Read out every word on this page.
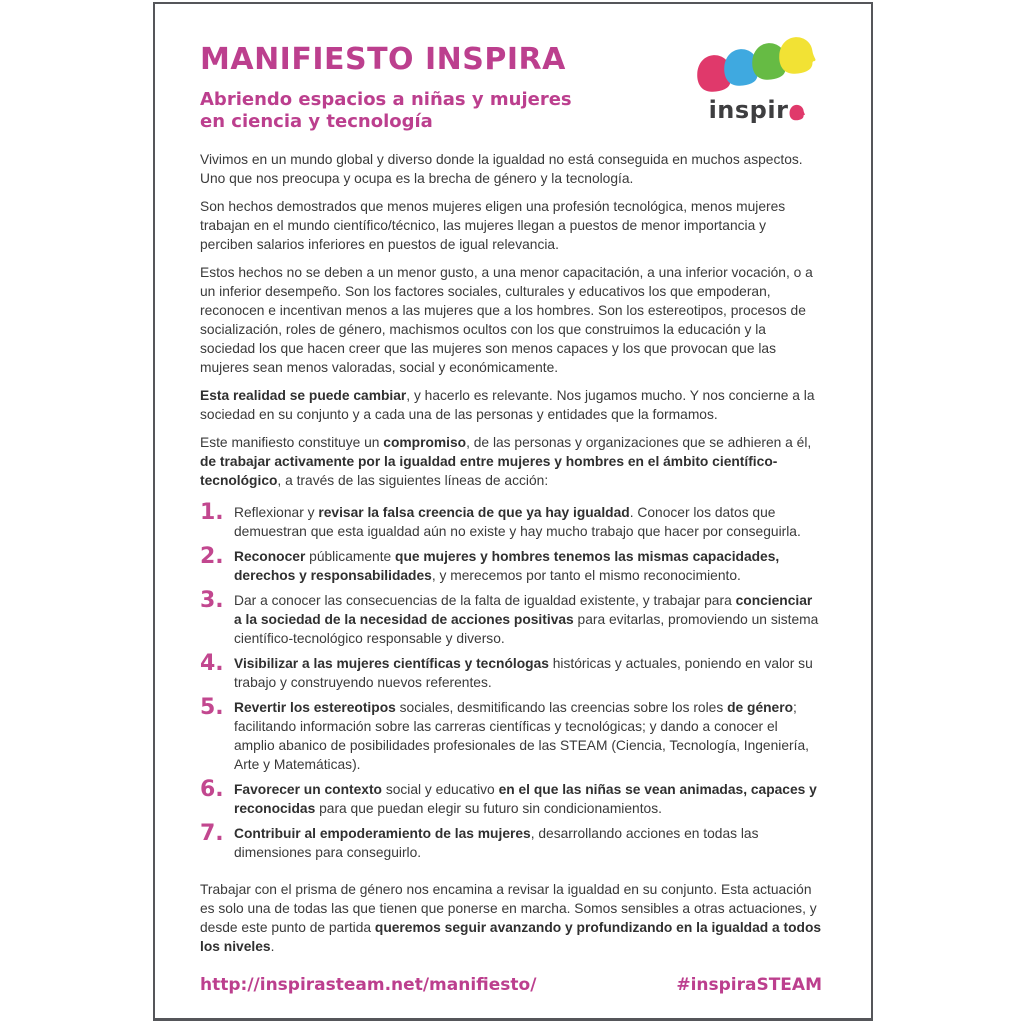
MANIFIESTO INSPIRA
Abriendo espacios a niñas y mujeres
en ciencia y tecnología	inspir

Vivimos en un mundo global y diverso donde la igualdad no está conseguida en muchos aspectos. Uno que nos preocupa y ocupa es la brecha de género y la tecnología.

Son hechos demostrados que menos mujeres eligen una profesión tecnológica, menos mujeres trabajan en el mundo científico/técnico, las mujeres llegan a puestos de menor importancia y perciben salarios inferiores en puestos de igual relevancia.

Estos hechos no se deben a un menor gusto, a una menor capacitación, a una inferior vocación, o a un inferior desempeño. Son los factores sociales, culturales y educativos los que empoderan, reconocen e incentivan menos a las mujeres que a los hombres. Son los estereotipos, procesos de socialización, roles de género, machismos ocultos con los que construimos la educación y la sociedad los que hacen creer que las mujeres son menos capaces y los que provocan que las mujeres sean menos valoradas, social y económicamente.

Esta realidad se puede cambiar, y hacerlo es relevante. Nos jugamos mucho. Y nos concierne a la sociedad en su conjunto y a cada una de las personas y entidades que la formamos.

Este manifiesto constituye un compromiso, de las personas y organizaciones que se adhieren a él, de trabajar activamente por la igualdad entre mujeres y hombres en el ámbito científico-tecnológico, a través de las siguientes líneas de acción:

1. Reflexionar y revisar la falsa creencia de que ya hay igualdad. Conocer los datos que demuestran que esta igualdad aún no existe y hay mucho trabajo que hacer por conseguirla.
2. Reconocer públicamente que mujeres y hombres tenemos las mismas capacidades, derechos y responsabilidades, y merecemos por tanto el mismo reconocimiento.
3. Dar a conocer las consecuencias de la falta de igualdad existente, y trabajar para concienciar a la sociedad de la necesidad de acciones positivas para evitarlas, promoviendo un sistema científico-tecnológico responsable y diverso.
4. Visibilizar a las mujeres científicas y tecnólogas históricas y actuales, poniendo en valor su trabajo y construyendo nuevos referentes.
5. Revertir los estereotipos sociales, desmitificando las creencias sobre los roles de género; facilitando información sobre las carreras científicas y tecnológicas; y dando a conocer el amplio abanico de posibilidades profesionales de las STEAM (Ciencia, Tecnología, Ingeniería, Arte y Matemáticas).
6. Favorecer un contexto social y educativo en el que las niñas se vean animadas, capaces y reconocidas para que puedan elegir su futuro sin condicionamientos.
7. Contribuir al empoderamiento de las mujeres, desarrollando acciones en todas las dimensiones para conseguirlo.

Trabajar con el prisma de género nos encamina a revisar la igualdad en su conjunto. Esta actuación es solo una de todas las que tienen que ponerse en marcha. Somos sensibles a otras actuaciones, y desde este punto de partida queremos seguir avanzando y profundizando en la igualdad a todos los niveles.

http://inspirasteam.net/manifiesto/	#inspiraSTEAM
